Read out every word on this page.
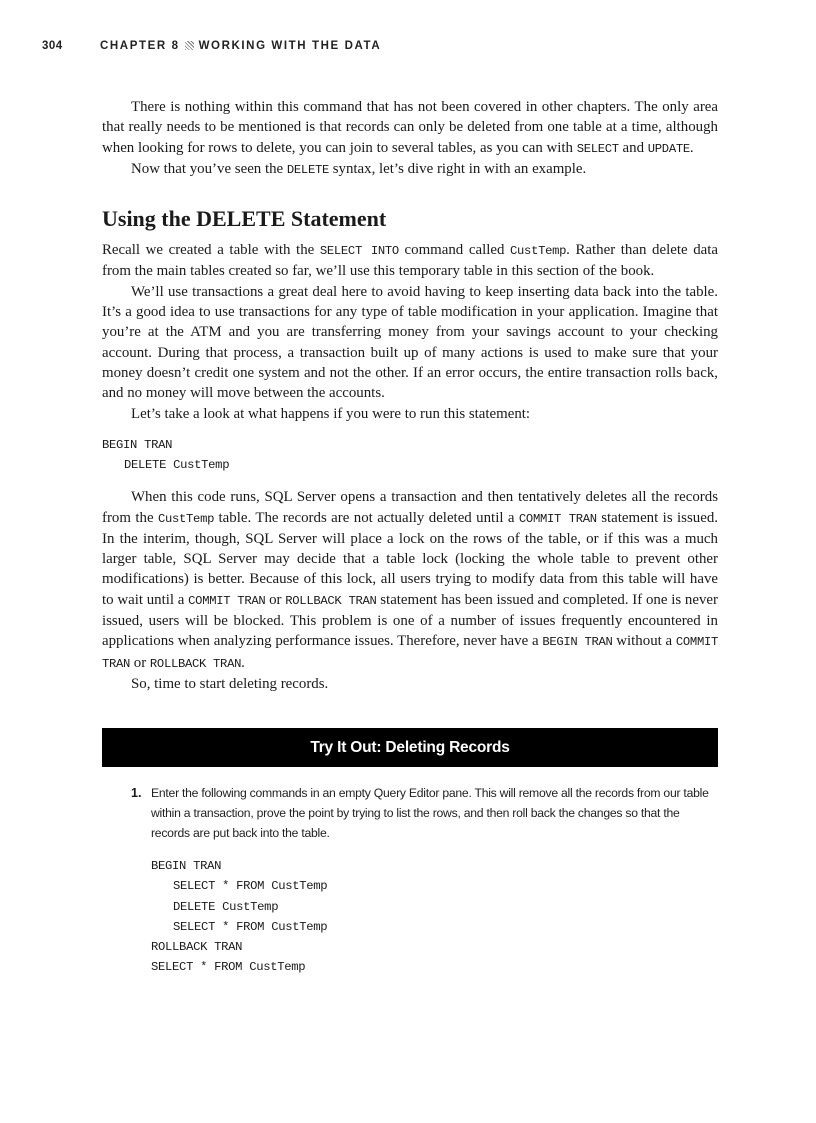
304	CHAPTER 8 WORKING WITH THE DATA

There is nothing within this command that has not been covered in other chapters. The only area that really needs to be mentioned is that records can only be deleted from one table at a time, although when looking for rows to delete, you can join to several tables, as you can with SELECT and UPDATE.

Now that you’ve seen the DELETE syntax, let’s dive right in with an example.

Using the DELETE Statement

Recall we created a table with the SELECT INTO command called CustTemp. Rather than delete data from the main tables created so far, we’ll use this temporary table in this section of the book.

We’ll use transactions a great deal here to avoid having to keep inserting data back into the table. It’s a good idea to use transactions for any type of table modification in your application. Imagine that you’re at the ATM and you are transferring money from your savings account to your checking account. During that process, a transaction built up of many actions is used to make sure that your money doesn’t credit one system and not the other. If an error occurs, the entire transaction rolls back, and no money will move between the accounts.

Let’s take a look at what happens if you were to run this statement:

BEGIN TRAN
DELETE CustTemp

When this code runs, SQL Server opens a transaction and then tentatively deletes all the records from the CustTemp table. The records are not actually deleted until a COMMIT TRAN statement is issued. In the interim, though, SQL Server will place a lock on the rows of the table, or if this was a much larger table, SQL Server may decide that a table lock (locking the whole table to prevent other modifications) is better. Because of this lock, all users trying to modify data from this table will have to wait until a COMMIT TRAN or ROLLBACK TRAN statement has been issued and completed. If one is never issued, users will be blocked. This problem is one of a number of issues frequently encountered in applications when analyzing performance issues. Therefore, never have a BEGIN TRAN without a COMMIT TRAN or ROLLBACK TRAN.

So, time to start deleting records.

Try It Out: Deleting Records
1. Enter the following commands in an empty Query Editor pane. This will remove all the records from our table within a transaction, prove the point by trying to list the rows, and then roll back the changes so that the records are put back into the table.
BEGIN TRAN
SELECT * FROM CustTemp
DELETE CustTemp
SELECT * FROM CustTemp
ROLLBACK TRAN
SELECT * FROM CustTemp
